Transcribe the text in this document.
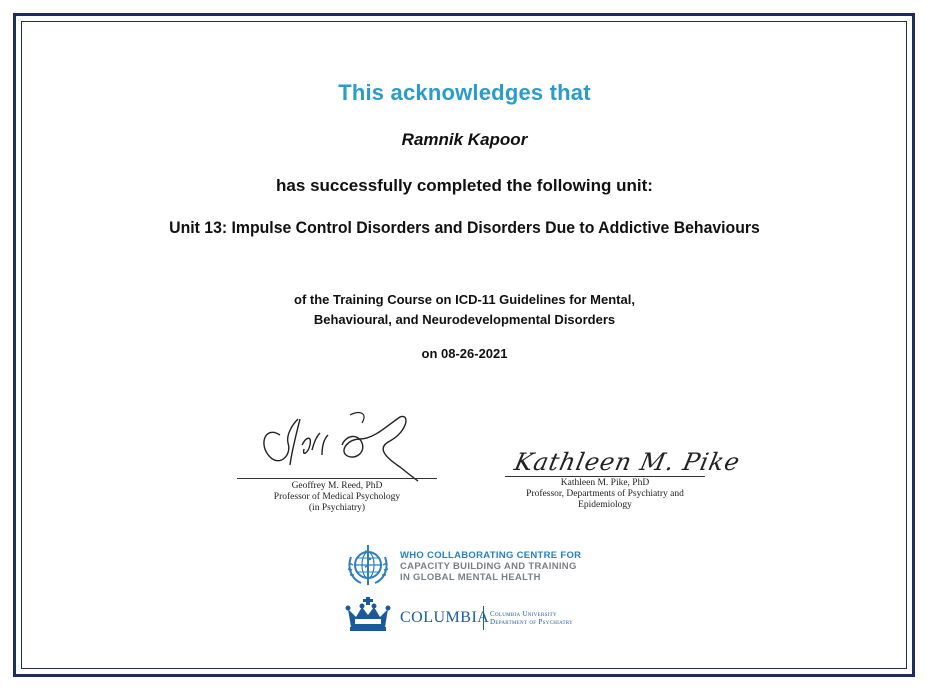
This acknowledges that
Ramnik Kapoor
has successfully completed the following unit:
Unit 13: Impulse Control Disorders and Disorders Due to Addictive Behaviours
of the Training Course on ICD-11 Guidelines for Mental,
Behavioural, and Neurodevelopmental Disorders
on 08-26-2021
Geoffrey M. Reed, PhD
Professor of Medical Psychology
(in Psychiatry)
Kathleen M. Pike
Kathleen M. Pike, PhD
Professor, Departments of Psychiatry and
Epidemiology
WHO COLLABORATING CENTRE FOR
CAPACITY BUILDING AND TRAINING
IN GLOBAL MENTAL HEALTH
COLUMBIA Columbia University
Department of Psychiatry
